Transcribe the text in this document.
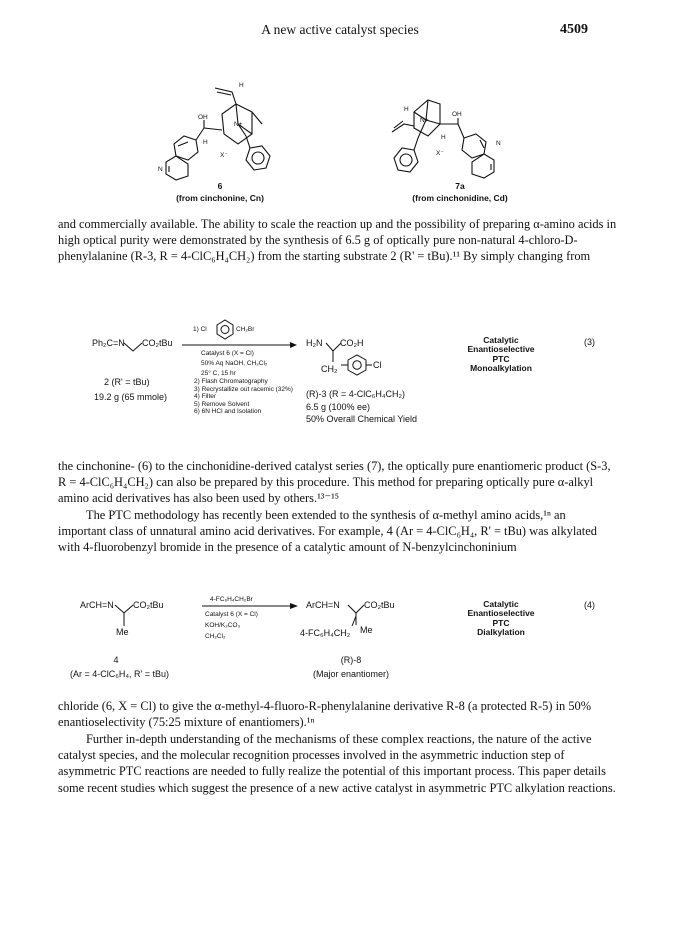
A new active catalyst species	4509
H
OH
N+
H
X⁻
N
6
(from cinchonine, Cn)
H
OH
N+
H
X⁻
N
7a
(from cinchonidine, Cd)

and commercially available. The ability to scale the reaction up and the possibility of preparing α-amino acids in

high optical purity were demonstrated by the synthesis of 6.5 g of optically pure non-natural 4-chloro-D-

phenylalanine (R-3, R = 4-ClC₆H₄CH₂) from the starting substrate 2 (R' = tBu).¹¹ By simply changing from

Ph₂C=N CO₂tBu
2 (R' = tBu)
19.2 g (65 mmole)
1) Cl	CH₂Br
Catalyst 6 (X = Cl)
50% Aq NaOH, CH₂Cl₂
25° C, 15 hr
2) Flash Chromatography
3) Recrystallize out racemic (32%)
4) Filter
5) Remove Solvent
6) 6N HCl and Isolation
H₂N CO₂H
CH₂	Cl
(R)-3 (R = 4-ClC₆H₄CH₂)
6.5 g (100% ee)
50% Overall Chemical Yield
Catalytic
Enantioselective
PTC
Monoalkylation
(3)

the cinchonine- (6) to the cinchonidine-derived catalyst series (7), the optically pure enantiomeric product (S-3,

R = 4-ClC₆H₄CH₂) can also be prepared by this procedure. This method for preparing optically pure α-alkyl

amino acid derivatives has also been used by others.¹³⁻¹⁵

The PTC methodology has recently been extended to the synthesis of α-methyl amino acids,¹ⁿ an

important class of unnatural amino acid derivatives. For example, 4 (Ar = 4-ClC₆H₄, R' = tBu) was alkylated

with 4-fluorobenzyl bromide in the presence of a catalytic amount of N-benzylcinchoninium

ArCH=N CO₂tBu
Me
4
(Ar = 4-ClC₆H₄, R' = tBu)
4-FC₆H₄CH₂Br
Catalyst 6 (X = Cl)
KOH/K₂CO₃
CH₂Cl₂
ArCH=N	CO₂tBu
4-FC₆H₄CH₂ Me
(R)-8
(Major enantiomer)
Catalytic
Enantioselective
PTC
Dialkylation
(4)

chloride (6, X = Cl) to give the α-methyl-4-fluoro-R-phenylalanine derivative R-8 (a protected R-5) in 50%

enantioselectivity (75:25 mixture of enantiomers).¹ⁿ

Further in-depth understanding of the mechanisms of these complex reactions, the nature of the active

catalyst species, and the molecular recognition processes involved in the asymmetric induction step of

asymmetric PTC reactions are needed to fully realize the potential of this important process. This paper details

some recent studies which suggest the presence of a new active catalyst in asymmetric PTC alkylation reactions.
